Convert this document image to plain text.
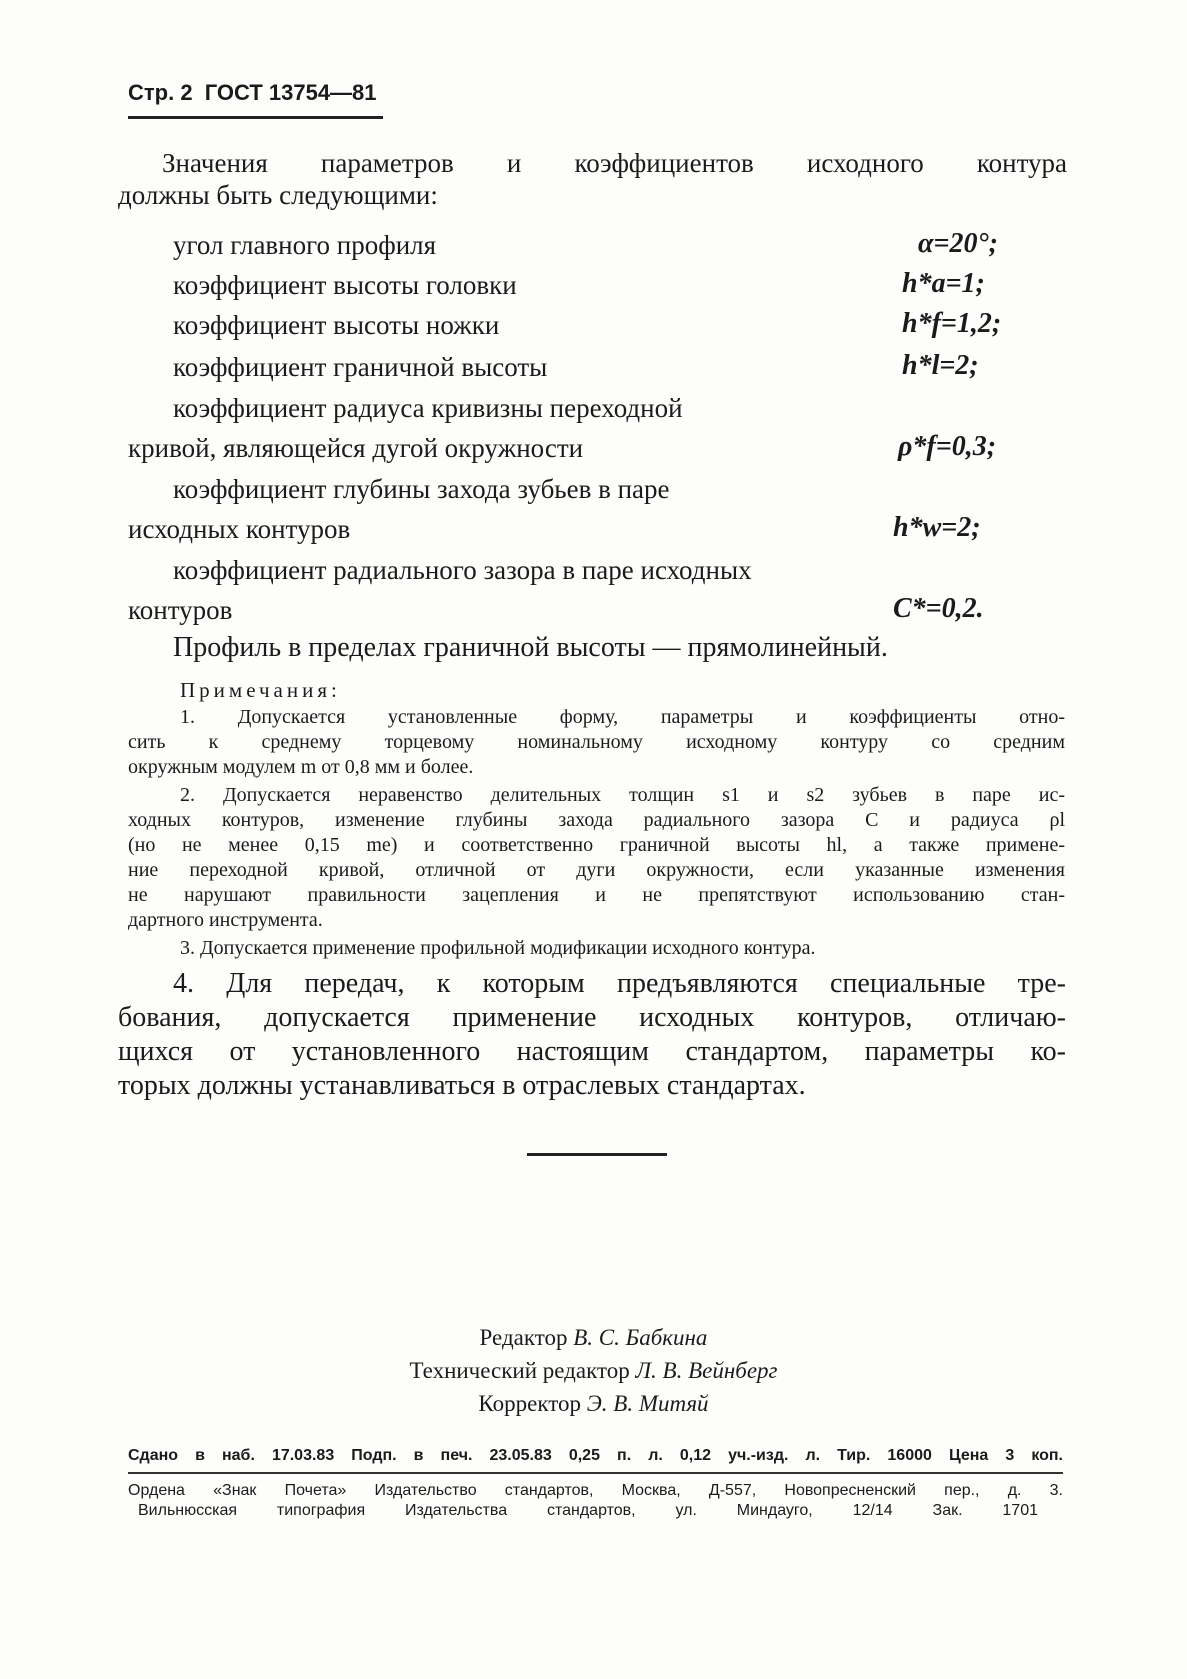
Стр. 2 ГОСТ 13754—81
Значения параметров и коэффициентов исходного контура
должны быть следующими:
угол главного профиля	α=20°;
коэффициент высоты головки	h*a=1;
коэффициент высоты ножки	h*f=1,2;
коэффициент граничной высоты	h*l=2;
коэффициент радиуса кривизны переходной
кривой, являющейся дугой окружности	ρ*f=0,3;
коэффициент глубины захода зубьев в паре
исходных контуров	h*w=2;
коэффициент радиального зазора в паре исходных
контуров	C*=0,2.
Профиль в пределах граничной высоты — прямолинейный.
Примечания:
1. Допускается установленные форму, параметры и коэффициенты отно-
сить к среднему торцевому номинальному исходному контуру со средним
окружным модулем m от 0,8 мм и более.
2. Допускается неравенство делительных толщин s1 и s2 зубьев в паре ис-
ходных контуров, изменение глубины захода радиального зазора C и радиуса ρl
(но не менее 0,15 me) и соответственно граничной высоты hl, а также примене-
ние переходной кривой, отличной от дуги окружности, если указанные изменения
не нарушают правильности зацепления и не препятствуют использованию стан-
дартного инструмента.
3. Допускается применение профильной модификации исходного контура.
4. Для передач, к которым предъявляются специальные тре-
бования, допускается применение исходных контуров, отличаю-
щихся от установленного настоящим стандартом, параметры ко-
торых должны устанавливаться в отраслевых стандартах.
Редактор В. С. Бабкина
Технический редактор Л. В. Вейнберг
Корректор Э. В. Митяй
Сдано в наб. 17.03.83 Подп. в печ. 23.05.83 0,25 п. л. 0,12 уч.-изд. л. Тир. 16000 Цена 3 коп.
Ордена «Знак Почета» Издательство стандартов, Москва, Д-557, Новопресненский пер., д. 3.
Вильнюсская типография Издательства стандартов, ул. Миндауго, 12/14 Зак. 1701
